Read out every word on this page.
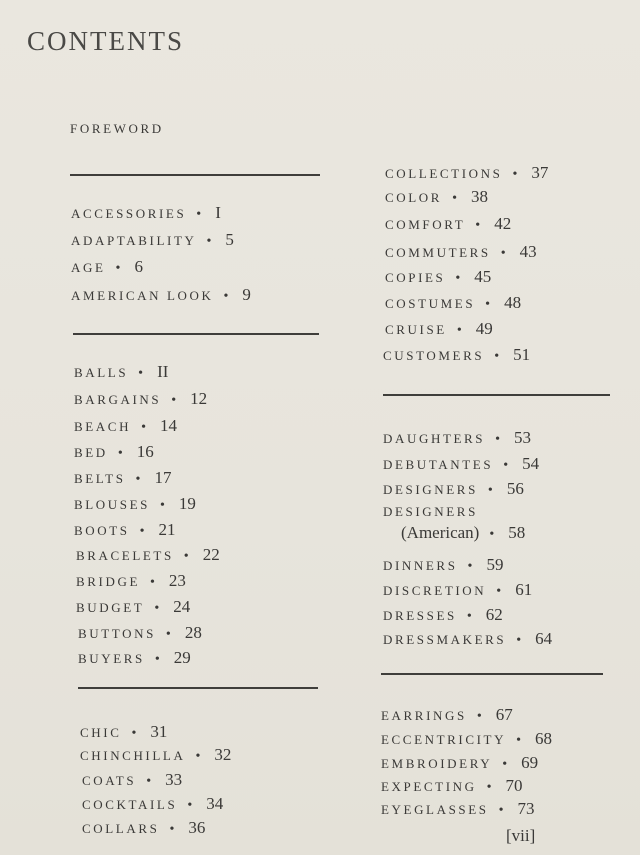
CONTENTS
FOREWORD
ACCESSORIES • I
ADAPTABILITY • 5
AGE • 6
AMERICAN LOOK • 9
BALLS • II
BARGAINS • 12
BEACH • 14
BED • 16
BELTS • 17
BLOUSES • 19
BOOTS • 21
BRACELETS • 22
BRIDGE • 23
BUDGET • 24
BUTTONS • 28
BUYERS • 29
CHIC • 31
CHINCHILLA • 32
COATS • 33
COCKTAILS • 34
COLLARS • 36
COLLECTIONS • 37
COLOR • 38
COMFORT • 42
COMMUTERS • 43
COPIES • 45
COSTUMES • 48
CRUISE • 49
CUSTOMERS • 51
DAUGHTERS • 53
DEBUTANTES • 54
DESIGNERS • 56
DESIGNERS
(American) • 58
DINNERS • 59
DISCRETION • 61
DRESSES • 62
DRESSMAKERS • 64
EARRINGS • 67
ECCENTRICITY • 68
EMBROIDERY • 69
EXPECTING • 70
EYEGLASSES • 73
[vii]
